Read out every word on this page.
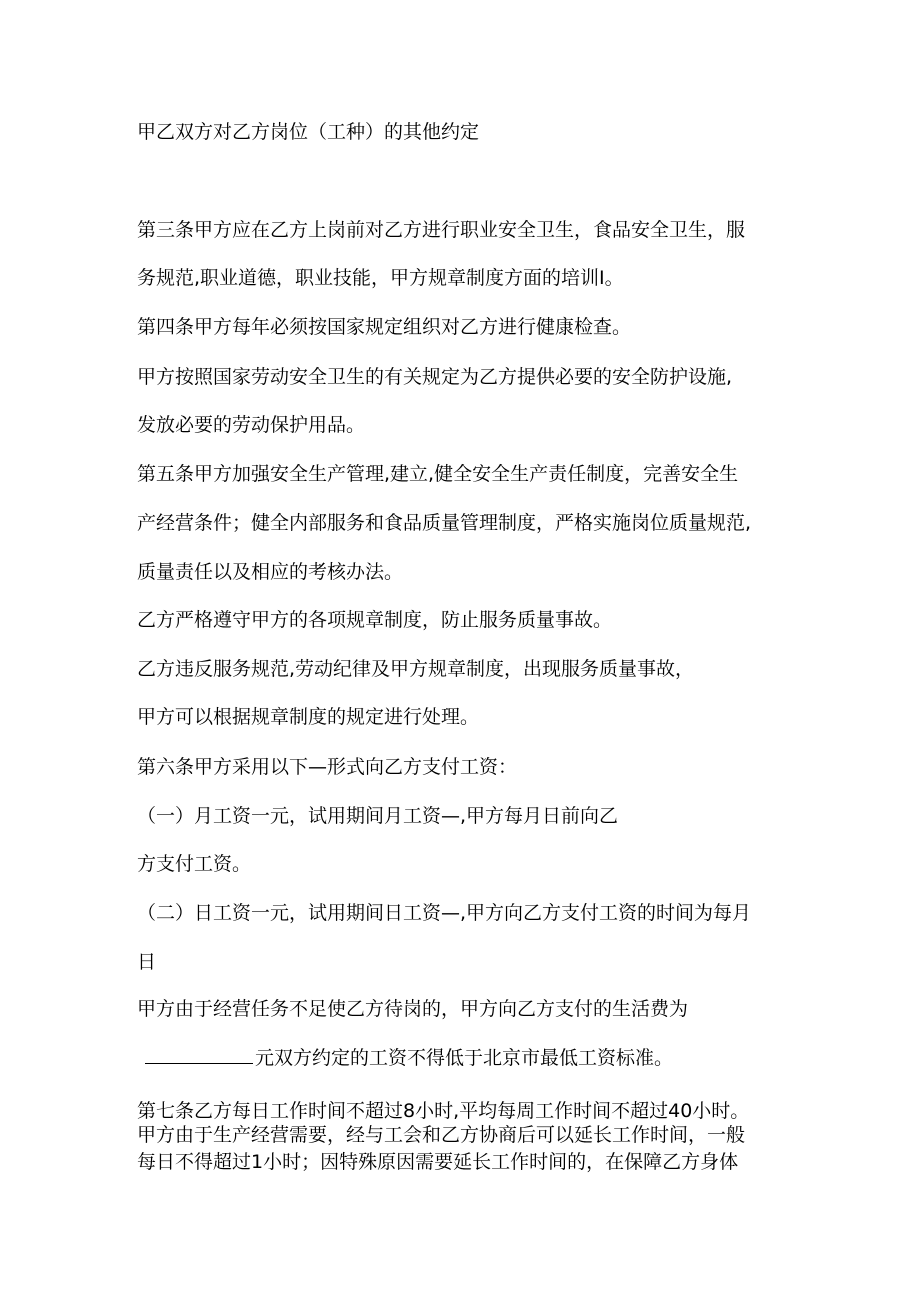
甲乙双方对乙方岗位（工种）的其他约定
第三条甲方应在乙方上岗前对乙方进行职业安全卫生，食品安全卫生，服
务规范,职业道德，职业技能，甲方规章制度方面的培训I。
第四条甲方每年必须按国家规定组织对乙方进行健康检查。
甲方按照国家劳动安全卫生的有关规定为乙方提供必要的安全防护设施,
发放必要的劳动保护用品。
第五条甲方加强安全生产管理,建立,健全安全生产责任制度，完善安全生
产经营条件；健全内部服务和食品质量管理制度，严格实施岗位质量规范,
质量责任以及相应的考核办法。
乙方严格遵守甲方的各项规章制度，防止服务质量事故。
乙方违反服务规范,劳动纪律及甲方规章制度，出现服务质量事故，
甲方可以根据规章制度的规定进行处理。
第六条甲方采用以下—形式向乙方支付工资：
（一）月工资一元，试用期间月工资—,甲方每月日前向乙
方支付工资。
（二）日工资一元，试用期间日工资—,甲方向乙方支付工资的时间为每月
日
甲方由于经营任务不足使乙方待岗的，甲方向乙方支付的生活费为
元双方约定的工资不得低于北京市最低工资标准。
第七条乙方每日工作时间不超过8小时,平均每周工作时间不超过40小时。
甲方由于生产经营需要，经与工会和乙方协商后可以延长工作时间，一般
每日不得超过1小时；因特殊原因需要延长工作时间的，在保障乙方身体
